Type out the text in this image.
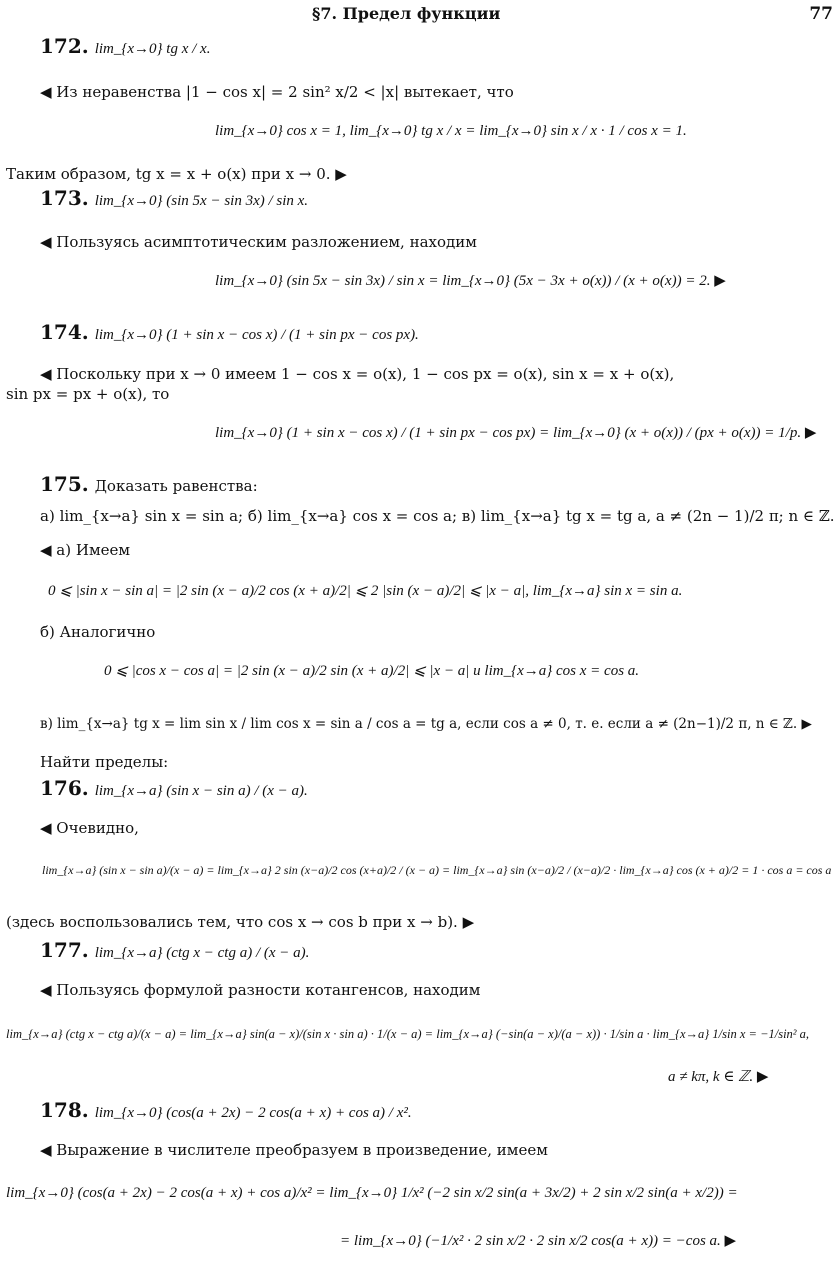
§7. Предел функции	77
172. lim_{x→0} tg x / x.
◀ Из неравенства |1 − cos x| = 2 sin² x/2 < |x| вытекает, что
lim_{x→0} cos x = 1, lim_{x→0} tg x / x = lim_{x→0} sin x / x · 1 / cos x = 1.
Таким образом, tg x = x + o(x) при x → 0. ▶
173. lim_{x→0} (sin 5x − sin 3x) / sin x.
◀ Пользуясь асимптотическим разложением, находим
lim_{x→0} (sin 5x − sin 3x) / sin x = lim_{x→0} (5x − 3x + o(x)) / (x + o(x)) = 2. ▶
174. lim_{x→0} (1 + sin x − cos x) / (1 + sin px − cos px).
◀ Поскольку при x → 0 имеем 1 − cos x = o(x), 1 − cos px = o(x), sin x = x + o(x),
sin px = px + o(x), то
lim_{x→0} (1 + sin x − cos x) / (1 + sin px − cos px) = lim_{x→0} (x + o(x)) / (px + o(x)) = 1/p. ▶
175. Доказать равенства:
а) lim_{x→a} sin x = sin a; б) lim_{x→a} cos x = cos a; в) lim_{x→a} tg x = tg a, a ≠ (2n − 1)/2 π; n ∈ ℤ.
◀ а) Имеем
0 ⩽ |sin x − sin a| = |2 sin (x − a)/2 cos (x + a)/2| ⩽ 2 |sin (x − a)/2| ⩽ |x − a|, lim_{x→a} sin x = sin a.
б) Аналогично
0 ⩽ |cos x − cos a| = |2 sin (x − a)/2 sin (x + a)/2| ⩽ |x − a| и lim_{x→a} cos x = cos a.
в) lim_{x→a} tg x = lim sin x / lim cos x = sin a / cos a = tg a, если cos a ≠ 0, т. е. если a ≠ (2n−1)/2 π, n ∈ ℤ. ▶
Найти пределы:
176. lim_{x→a} (sin x − sin a) / (x − a).
◀ Очевидно,
lim_{x→a} (sin x − sin a)/(x − a) = lim_{x→a} 2 sin (x−a)/2 cos (x+a)/2 / (x − a) = lim_{x→a} sin (x−a)/2 / (x−a)/2 · lim_{x→a} cos (x + a)/2 = 1 · cos a = cos a
(здесь воспользовались тем, что cos x → cos b при x → b). ▶
177. lim_{x→a} (ctg x − ctg a) / (x − a).
◀ Пользуясь формулой разности котангенсов, находим
lim_{x→a} (ctg x − ctg a)/(x − a) = lim_{x→a} sin(a − x)/(sin x · sin a) · 1/(x − a) = lim_{x→a} (−sin(a − x)/(a − x)) · 1/sin a · lim_{x→a} 1/sin x = −1/sin² a,
a ≠ kπ, k ∈ ℤ. ▶
178. lim_{x→0} (cos(a + 2x) − 2 cos(a + x) + cos a) / x².
◀ Выражение в числителе преобразуем в произведение, имеем
lim_{x→0} (cos(a + 2x) − 2 cos(a + x) + cos a)/x² = lim_{x→0} 1/x² (−2 sin x/2 sin(a + 3x/2) + 2 sin x/2 sin(a + x/2)) =
= lim_{x→0} (−1/x² · 2 sin x/2 · 2 sin x/2 cos(a + x)) = −cos a. ▶
